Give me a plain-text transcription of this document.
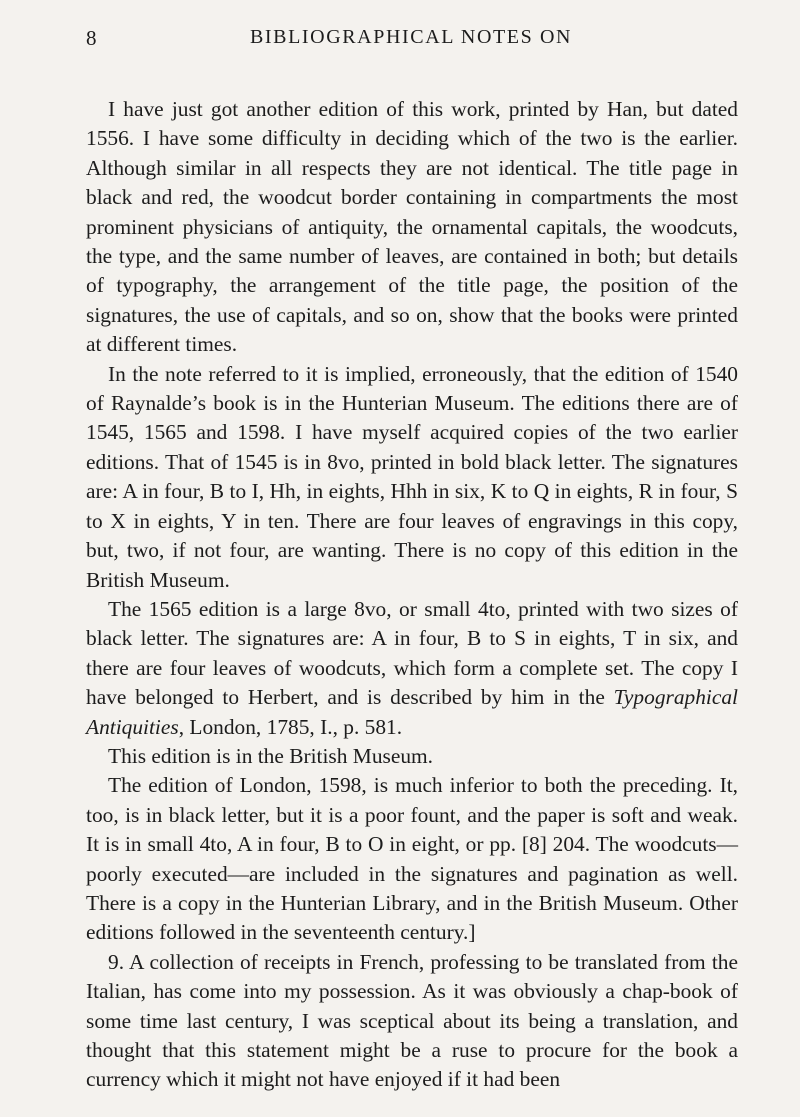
8	BIBLIOGRAPHICAL NOTES ON

I have just got another edition of this work, printed by Han, but dated 1556. I have some difficulty in deciding which of the two is the earlier. Although similar in all respects they are not identical. The title page in black and red, the woodcut border containing in compartments the most prominent physicians of antiquity, the ornamental capitals, the woodcuts, the type, and the same number of leaves, are contained in both; but details of typography, the arrangement of the title page, the position of the signatures, the use of capitals, and so on, show that the books were printed at different times.

In the note referred to it is implied, erroneously, that the edition of 1540 of Raynalde’s book is in the Hunterian Museum. The editions there are of 1545, 1565 and 1598. I have myself acquired copies of the two earlier editions. That of 1545 is in 8vo, printed in bold black letter. The signatures are: A in four, B to I, Hh, in eights, Hhh in six, K to Q in eights, R in four, S to X in eights, Y in ten. There are four leaves of engravings in this copy, but, two, if not four, are wanting. There is no copy of this edition in the British Museum.

The 1565 edition is a large 8vo, or small 4to, printed with two sizes of black letter. The signatures are: A in four, B to S in eights, T in six, and there are four leaves of woodcuts, which form a complete set. The copy I have belonged to Herbert, and is described by him in the Typographical Antiquities, London, 1785, I., p. 581.

This edition is in the British Museum.

The edition of London, 1598, is much inferior to both the preceding. It, too, is in black letter, but it is a poor fount, and the paper is soft and weak. It is in small 4to, A in four, B to O in eight, or pp. [8] 204. The woodcuts—poorly executed—are included in the signatures and pagination as well. There is a copy in the Hunterian Library, and in the British Museum. Other editions followed in the seventeenth century.]

9. A collection of receipts in French, professing to be translated from the Italian, has come into my possession. As it was obviously a chap-book of some time last century, I was sceptical about its being a translation, and thought that this statement might be a ruse to procure for the book a currency which it might not have enjoyed if it had been
